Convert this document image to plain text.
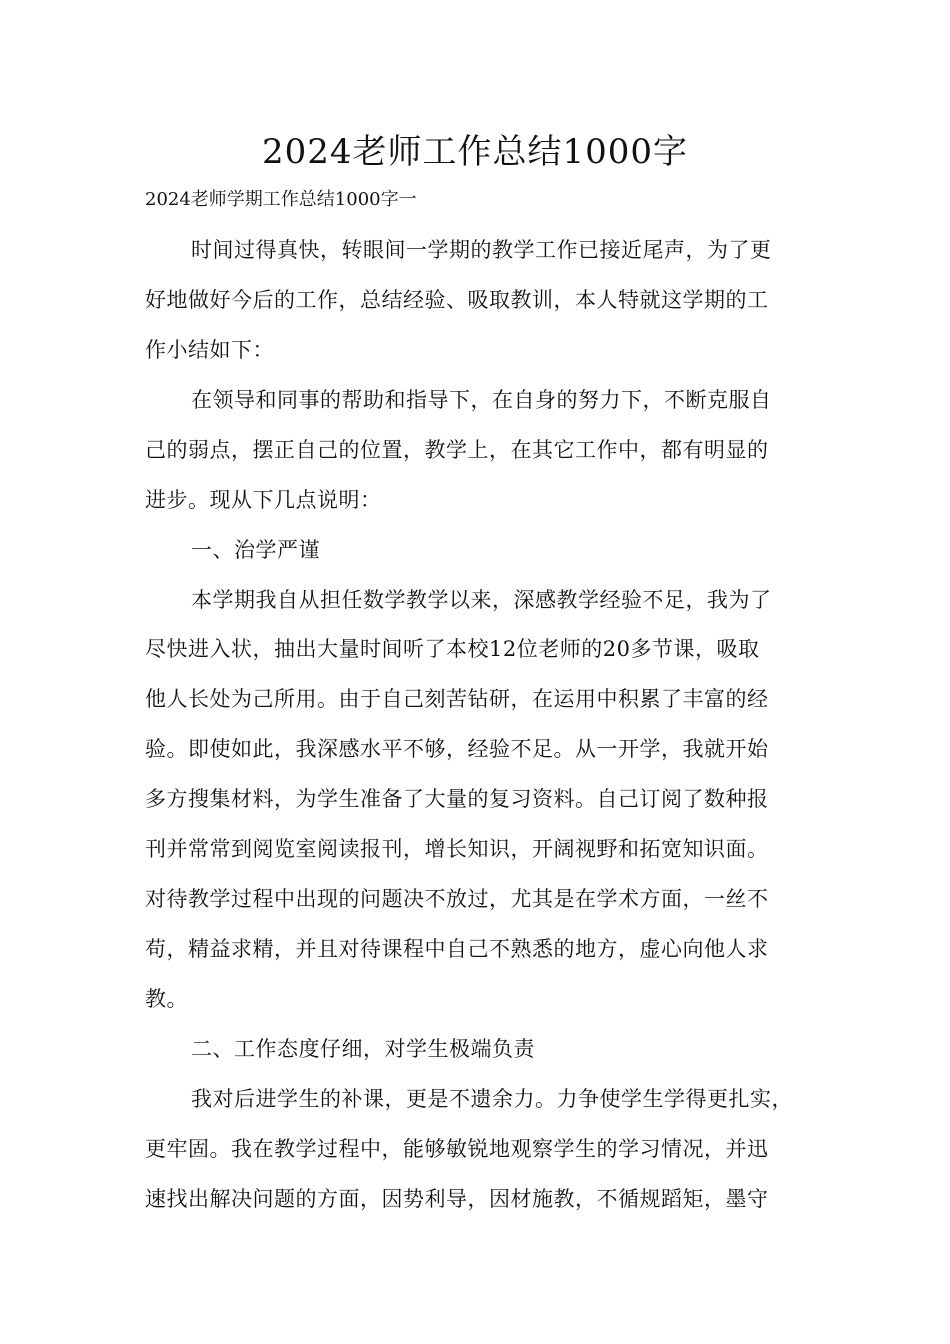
2024老师工作总结1000字
2024老师学期工作总结1000字一
时间过得真快，转眼间一学期的教学工作已接近尾声，为了更
好地做好今后的工作，总结经验、吸取教训，本人特就这学期的工
作小结如下：
在领导和同事的帮助和指导下，在自身的努力下，不断克服自
己的弱点，摆正自己的位置，教学上，在其它工作中，都有明显的
进步。现从下几点说明：
一、治学严谨
本学期我自从担任数学教学以来，深感教学经验不足，我为了
尽快进入状，抽出大量时间听了本校12位老师的20多节课，吸取
他人长处为己所用。由于自己刻苦钻研，在运用中积累了丰富的经
验。即使如此，我深感水平不够，经验不足。从一开学，我就开始
多方搜集材料，为学生准备了大量的复习资料。自己订阅了数种报
刊并常常到阅览室阅读报刊，增长知识，开阔视野和拓宽知识面。
对待教学过程中出现的问题决不放过，尤其是在学术方面，一丝不
苟，精益求精，并且对待课程中自己不熟悉的地方，虚心向他人求
教。
二、工作态度仔细，对学生极端负责
我对后进学生的补课，更是不遗余力。力争使学生学得更扎实，
更牢固。我在教学过程中，能够敏锐地观察学生的学习情况，并迅
速找出解决问题的方面，因势利导，因材施教，不循规蹈矩，墨守
